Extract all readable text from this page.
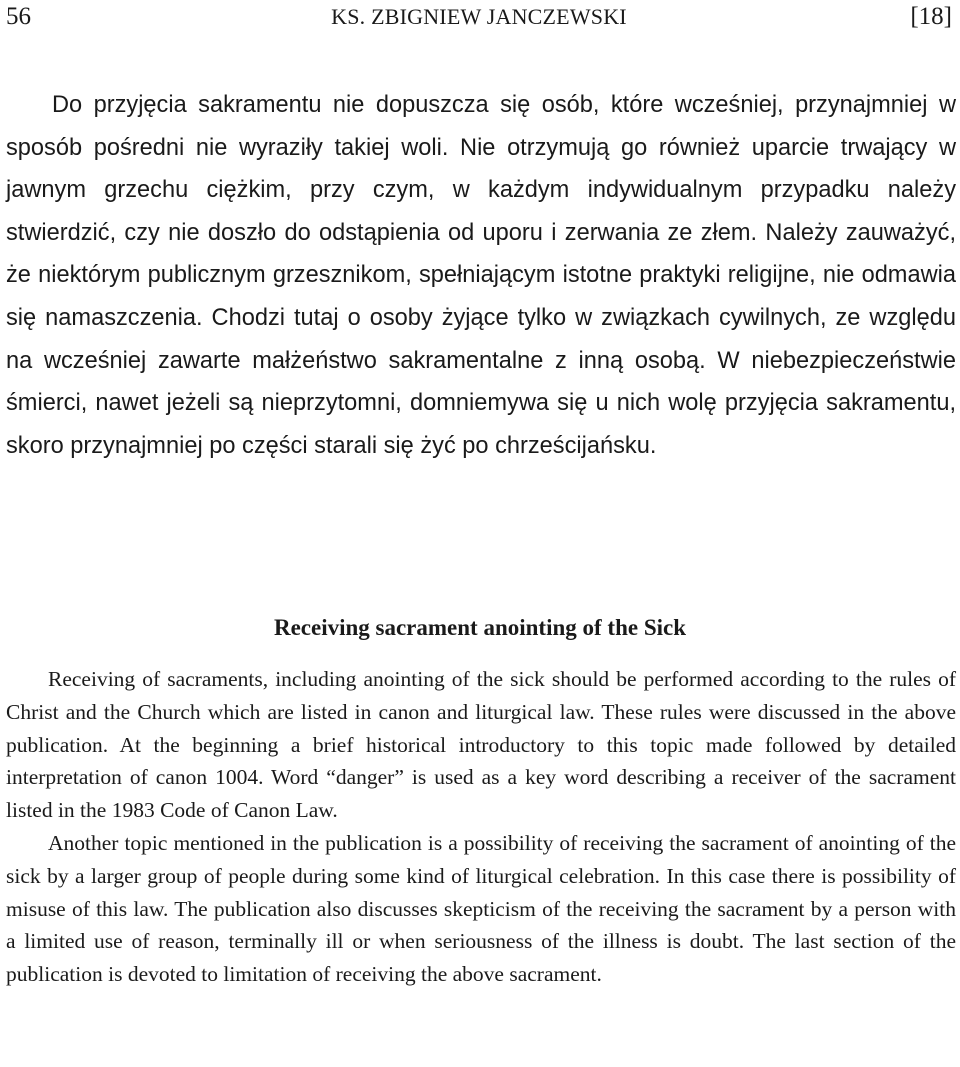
56	KS. ZBIGNIEW JANCZEWSKI	[18]

Do przyjęcia sakramentu nie dopuszcza się osób, które wcześniej, przynajmniej w sposób pośredni nie wyraziły takiej woli. Nie otrzymują go również uparcie trwający w jawnym grzechu ciężkim, przy czym, w każdym indywidualnym przypadku należy stwierdzić, czy nie doszło do odstąpienia od uporu i zerwania ze złem. Należy zauważyć, że niektórym publicznym grzesznikom, spełniającym istotne praktyki religijne, nie odmawia się namaszczenia. Chodzi tutaj o osoby żyjące tylko w związkach cywilnych, ze względu na wcześniej zawarte małżeństwo sakramentalne z inną osobą. W niebezpieczeństwie śmierci, nawet jeżeli są nieprzytomni, domniemywa się u nich wolę przyjęcia sakramentu, skoro przynajmniej po części starali się żyć po chrześcijańsku.

Receiving sacrament anointing of the Sick

Receiving of sacraments, including anointing of the sick should be performed according to the rules of Christ and the Church which are listed in canon and liturgical law. These rules were discussed in the above publication. At the beginning a brief historical introductory to this topic made followed by detailed interpretation of canon 1004. Word “danger” is used as a key word describing a receiver of the sacrament listed in the 1983 Code of Canon Law.

Another topic mentioned in the publication is a possibility of receiving the sacrament of anointing of the sick by a larger group of people during some kind of liturgical celebration. In this case there is possibility of misuse of this law. The publication also discusses skepticism of the receiving the sacrament by a person with a limited use of reason, terminally ill or when seriousness of the illness is doubt. The last section of the publication is devoted to limitation of receiving the above sacrament.
